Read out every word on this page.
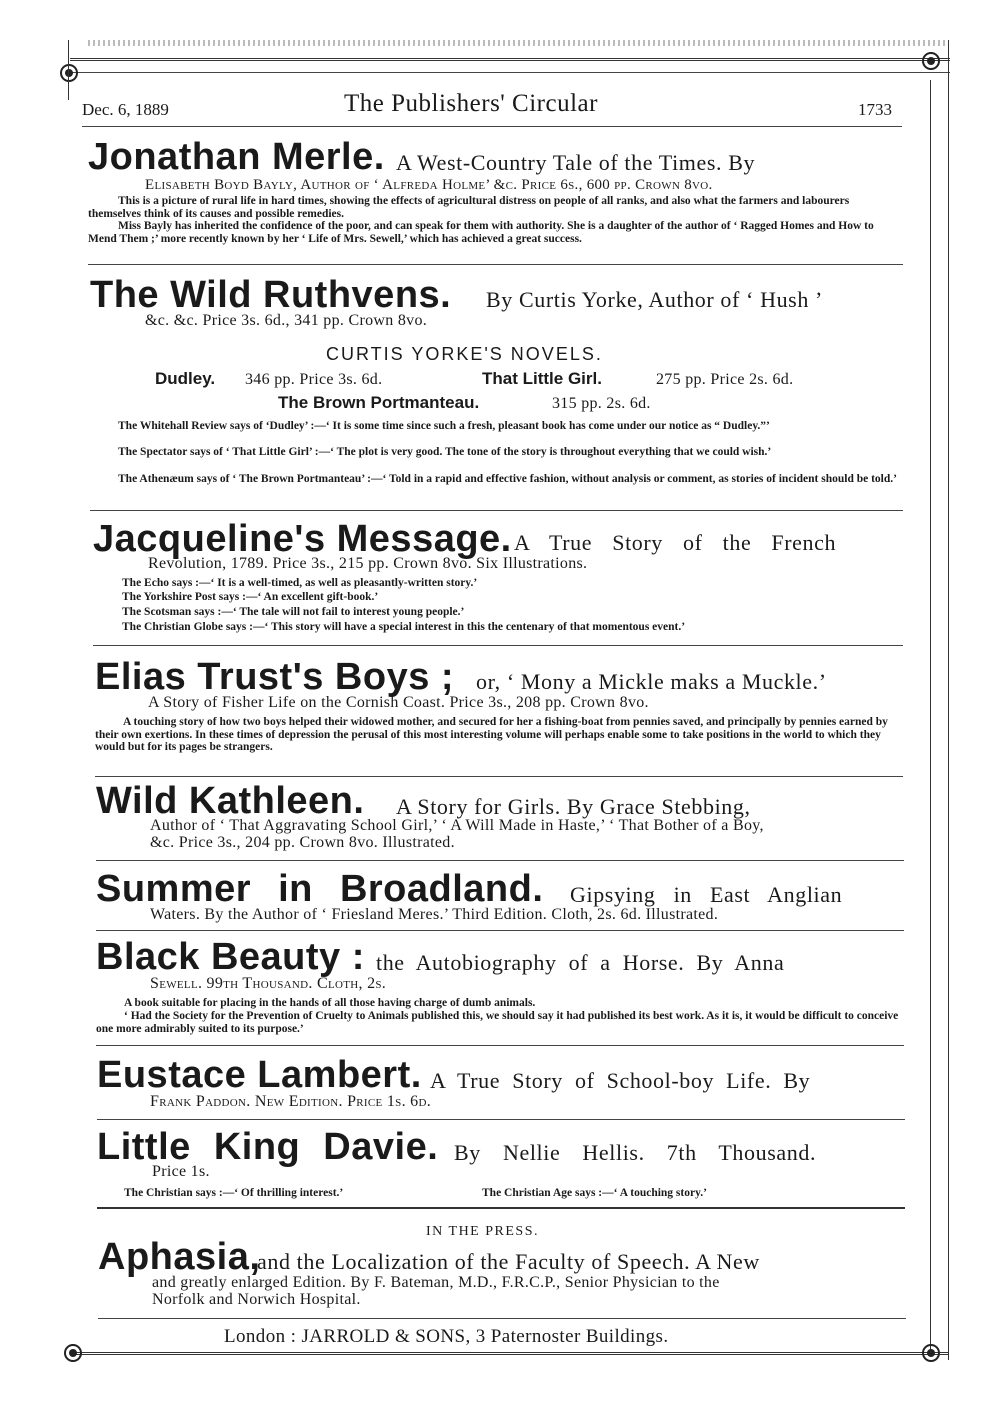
Dec. 6, 1889	The Publishers' Circular	1733
Jonathan Merle. A West-Country Tale of the Times. By
Elisabeth Boyd Bayly, Author of ‘ Alfreda Holme’ &c. Price 6s., 600 pp. Crown 8vo.
This is a picture of rural life in hard times, showing the effects of agricultural distress on people of all ranks, and also what the farmers and labourers themselves think of its causes and possible remedies.
Miss Bayly has inherited the confidence of the poor, and can speak for them with authority. She is a daughter of the author of ‘ Ragged Homes and How to Mend Them ;’ more recently known by her ‘ Life of Mrs. Sewell,’ which has achieved a great success.
The Wild Ruthvens. By Curtis Yorke, Author of ‘ Hush ’
&c. &c. Price 3s. 6d., 341 pp. Crown 8vo.
CURTIS YORKE'S NOVELS.
Dudley. 346 pp. Price 3s. 6d.	That Little Girl.	275 pp. Price 2s. 6d.
The Brown Portmanteau.	315 pp. 2s. 6d.
The Whitehall Review says of ‘Dudley’ :—‘ It is some time since such a fresh, pleasant book has come under our notice as “ Dudley.”’
The Spectator says of ‘ That Little Girl’ :—‘ The plot is very good. The tone of the story is throughout everything that we could wish.’
The Athenæum says of ‘ The Brown Portmanteau’ :—‘ Told in a rapid and effective fashion, without analysis or comment, as stories of incident should be told.’
Jacqueline's Message. A True Story of the French
Revolution, 1789. Price 3s., 215 pp. Crown 8vo. Six Illustrations.
The Echo says :—‘ It is a well-timed, as well as pleasantly-written story.’
The Yorkshire Post says :—‘ An excellent gift-book.’
The Scotsman says :—‘ The tale will not fail to interest young people.’
The Christian Globe says :—‘ This story will have a special interest in this the centenary of that momentous event.’
Elias Trust's Boys ; or, ‘ Mony a Mickle maks a Muckle.’
A Story of Fisher Life on the Cornish Coast. Price 3s., 208 pp. Crown 8vo.
A touching story of how two boys helped their widowed mother, and secured for her a fishing-boat from pennies saved, and principally by pennies earned by their own exertions. In these times of depression the perusal of this most interesting volume will perhaps enable some to take positions in the world to which they would but for its pages be strangers.
Wild Kathleen. A Story for Girls. By Grace Stebbing,
Author of ‘ That Aggravating School Girl,’ ‘ A Will Made in Haste,’ ‘ That Bother of a Boy,
&c. Price 3s., 204 pp. Crown 8vo. Illustrated.
Summer in Broadland. Gipsying in East Anglian
Waters. By the Author of ‘ Friesland Meres.’ Third Edition. Cloth, 2s. 6d. Illustrated.
Black Beauty : the Autobiography of a Horse. By Anna
Sewell. 99th Thousand. Cloth, 2s.
A book suitable for placing in the hands of all those having charge of dumb animals.
‘ Had the Society for the Prevention of Cruelty to Animals published this, we should say it had published its best work. As it is, it would be difficult to conceive one more admirably suited to its purpose.’
Eustace Lambert. A True Story of School-boy Life. By
Frank Paddon. New Edition. Price 1s. 6d.
Little King Davie. By Nellie Hellis. 7th Thousand.
Price 1s.
The Christian says :—‘ Of thrilling interest.’	The Christian Age says :—‘ A touching story.’
IN THE PRESS.
Aphasia,
and the Localization of the Faculty of Speech. A New
and greatly enlarged Edition. By F. Bateman, M.D., F.R.C.P., Senior Physician to the
Norfolk and Norwich Hospital.
London : JARROLD & SONS, 3 Paternoster Buildings.
